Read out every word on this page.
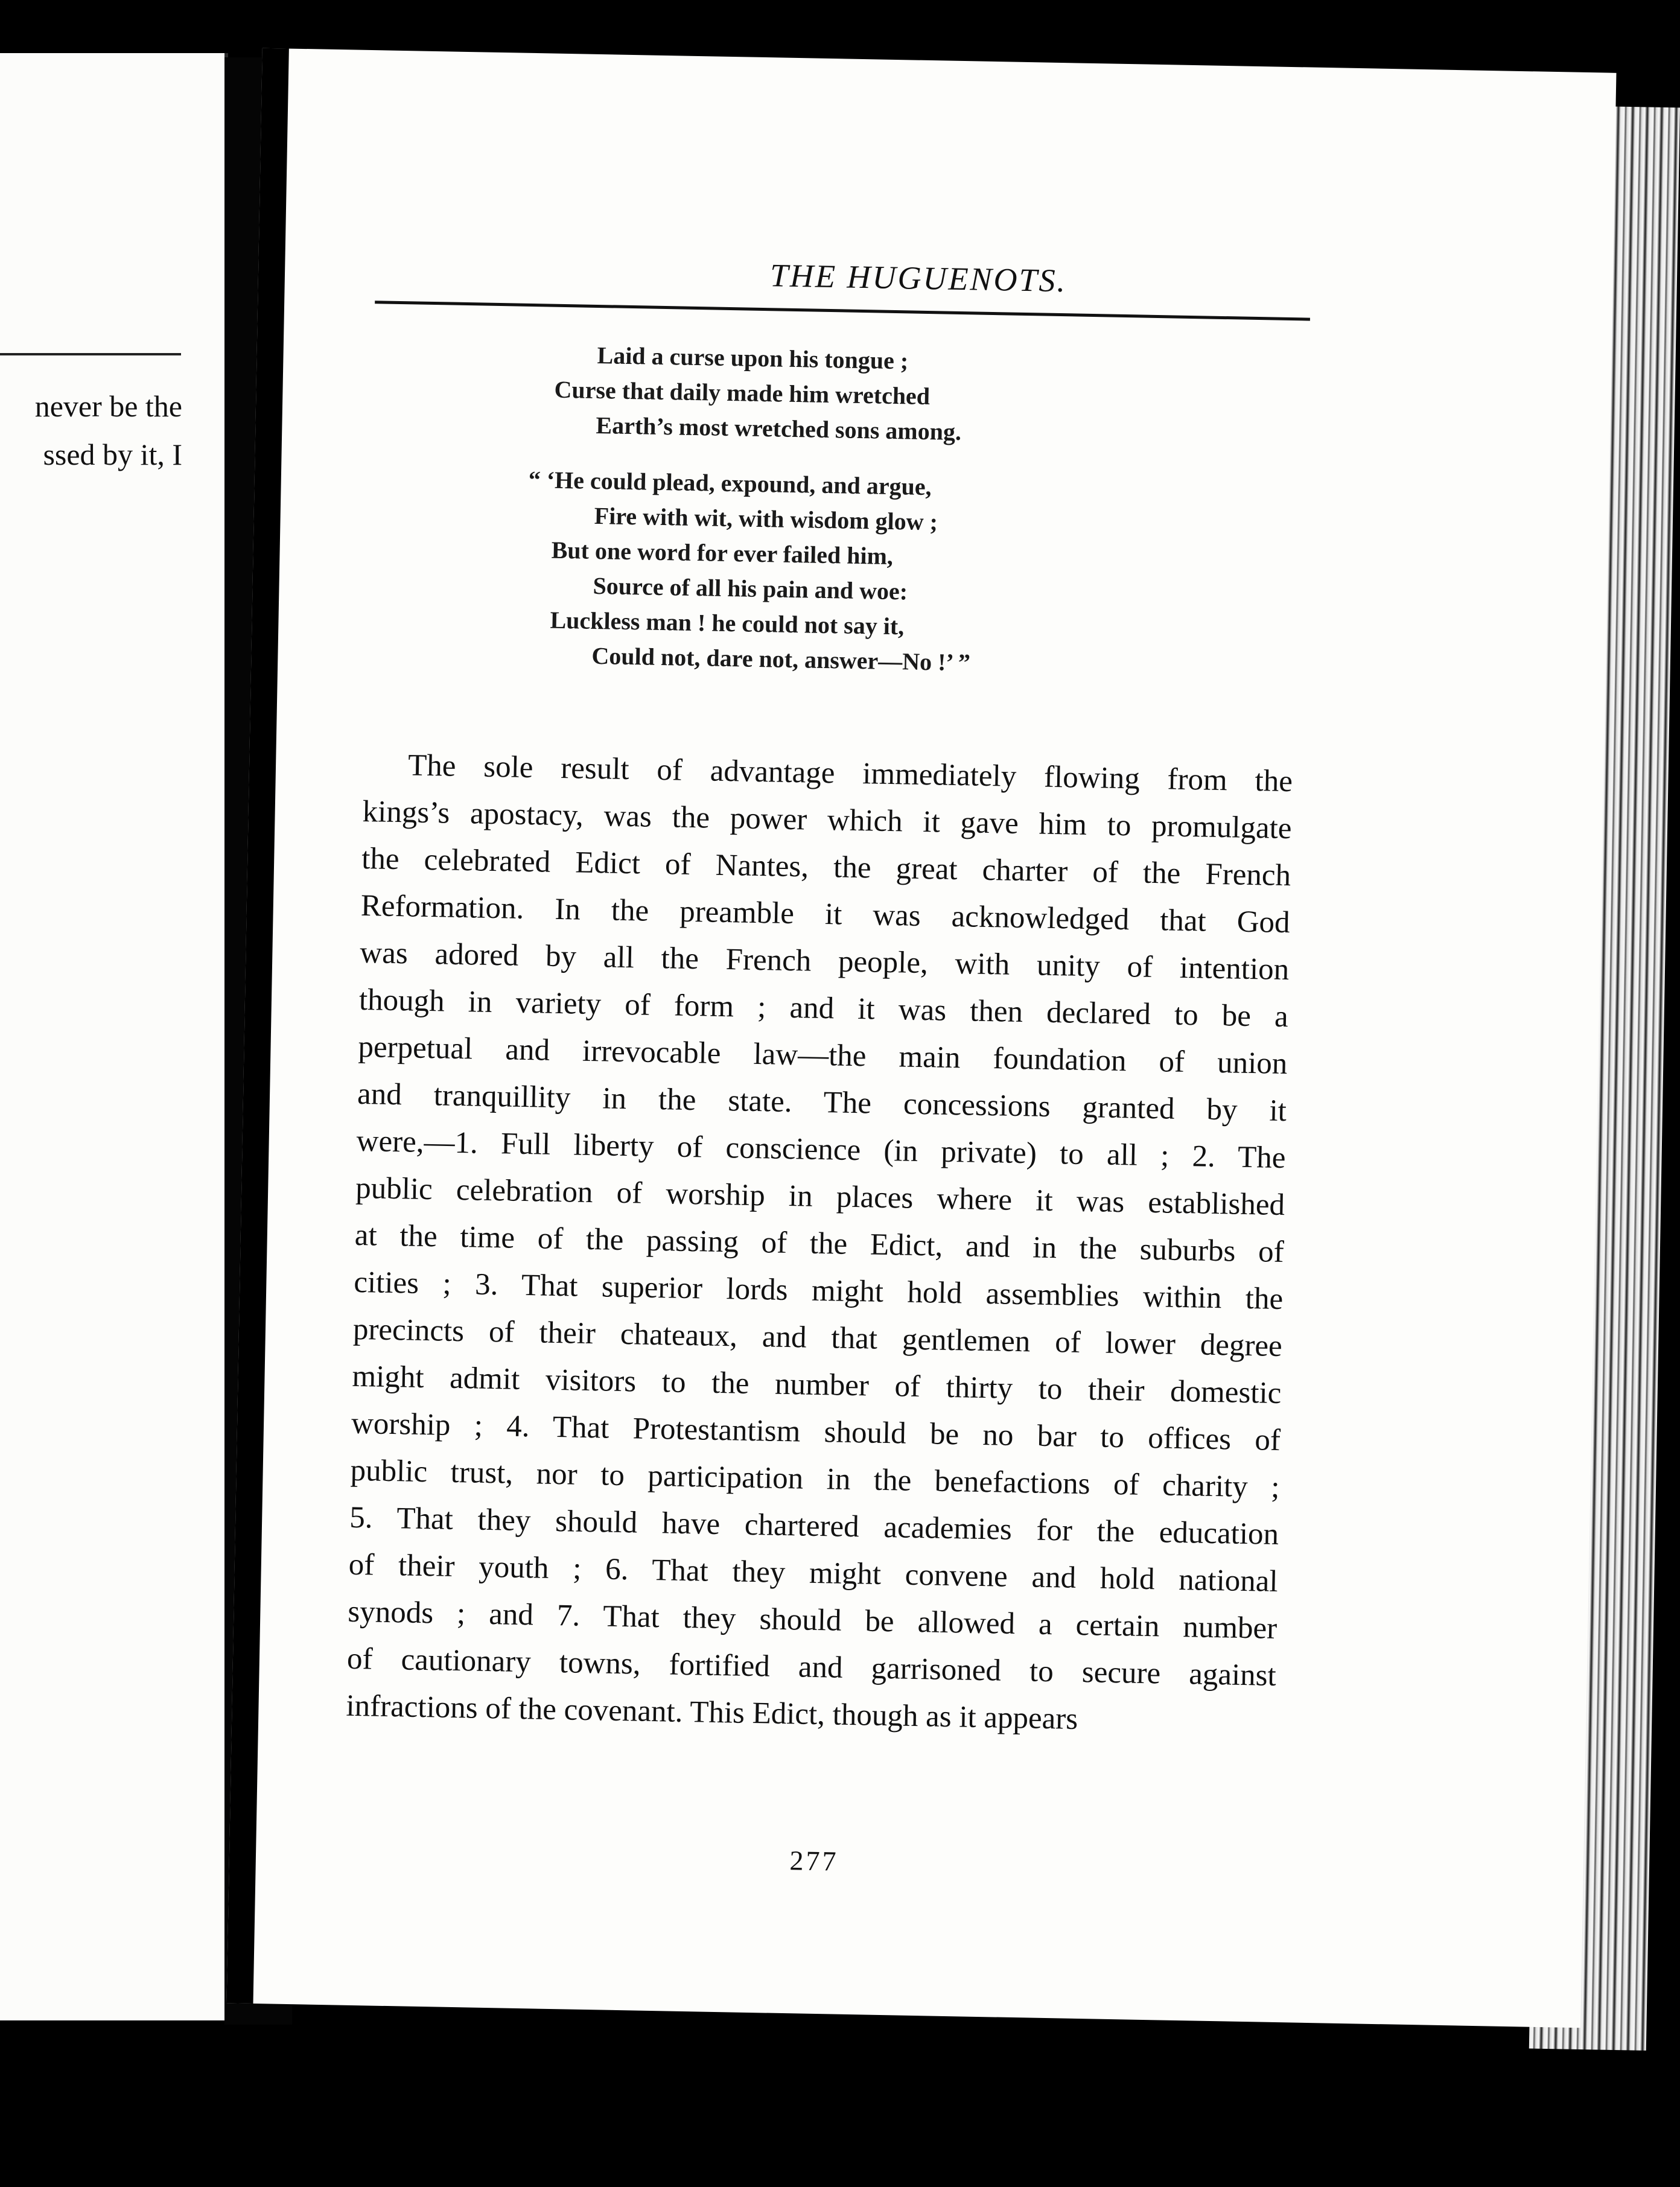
never be the
ssed by it, I
THE HUGUENOTS.
Laid a curse upon his tongue ;
Curse that daily made him wretched
Earth’s most wretched sons among.
“ ‘He could plead, expound, and argue,
Fire with wit, with wisdom glow ;
But one word for ever failed him,
Source of all his pain and woe:
Luckless man ! he could not say it,
Could not, dare not, answer—No !’ ”
The sole result of advantage immediately flowing from the
kings’s apostacy, was the power which it gave him to promulgate
the celebrated Edict of Nantes, the great charter of the French
Reformation. In the preamble it was acknowledged that God
was adored by all the French people, with unity of intention
though in variety of form ; and it was then declared to be a
perpetual and irrevocable law—the main foundation of union
and tranquillity in the state. The concessions granted by it
were,—1. Full liberty of conscience (in private) to all ; 2. The
public celebration of worship in places where it was established
at the time of the passing of the Edict, and in the suburbs of
cities ; 3. That superior lords might hold assemblies within the
precincts of their chateaux, and that gentlemen of lower degree
might admit visitors to the number of thirty to their domestic
worship ; 4. That Protestantism should be no bar to offices of
public trust, nor to participation in the benefactions of charity ;
5. That they should have chartered academies for the education
of their youth ; 6. That they might convene and hold national
synods ; and 7. That they should be allowed a certain number
of cautionary towns, fortified and garrisoned to secure against
infractions of the covenant. This Edict, though as it appears
277
